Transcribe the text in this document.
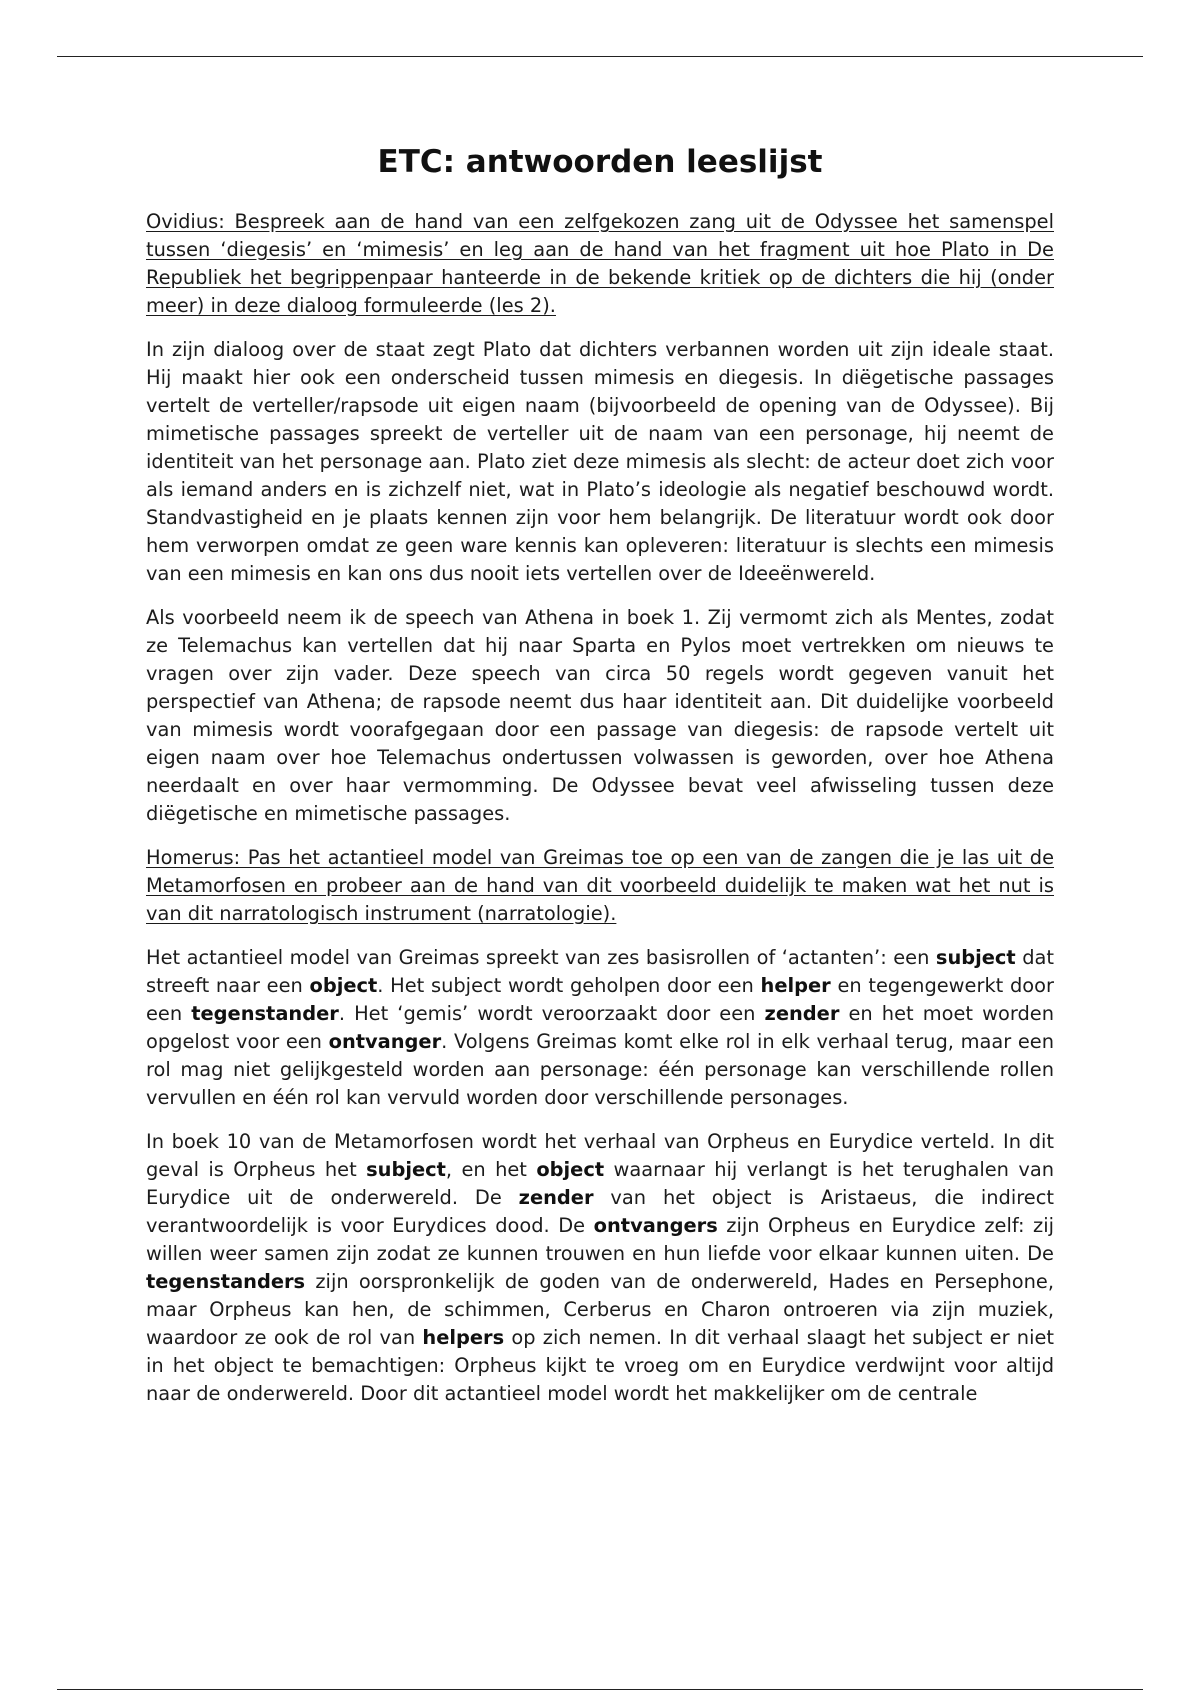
ETC: antwoorden leeslijst

Ovidius: Bespreek aan de hand van een zelfgekozen zang uit de Odyssee het samenspel tussen ‘diegesis’ en ‘mimesis’ en leg aan de hand van het fragment uit hoe Plato in De Republiek het begrippenpaar hanteerde in de bekende kritiek op de dichters die hij (onder meer) in deze dialoog formuleerde (les 2).

In zijn dialoog over de staat zegt Plato dat dichters verbannen worden uit zijn ideale staat. Hij maakt hier ook een onderscheid tussen mimesis en diegesis. In diëgetische passages vertelt de verteller/rapsode uit eigen naam (bijvoorbeeld de opening van de Odyssee). Bij mimetische passages spreekt de verteller uit de naam van een personage, hij neemt de identiteit van het personage aan. Plato ziet deze mimesis als slecht: de acteur doet zich voor als iemand anders en is zichzelf niet, wat in Plato’s ideologie als negatief beschouwd wordt. Standvastigheid en je plaats kennen zijn voor hem belangrijk. De literatuur wordt ook door hem verworpen omdat ze geen ware kennis kan opleveren: literatuur is slechts een mimesis van een mimesis en kan ons dus nooit iets vertellen over de Ideeënwereld.

Als voorbeeld neem ik de speech van Athena in boek 1. Zij vermomt zich als Mentes, zodat ze Telemachus kan vertellen dat hij naar Sparta en Pylos moet vertrekken om nieuws te vragen over zijn vader. Deze speech van circa 50 regels wordt gegeven vanuit het perspectief van Athena; de rapsode neemt dus haar identiteit aan. Dit duidelijke voorbeeld van mimesis wordt voorafgegaan door een passage van diegesis: de rapsode vertelt uit eigen naam over hoe Telemachus ondertussen volwassen is geworden, over hoe Athena neerdaalt en over haar vermomming. De Odyssee bevat veel afwisseling tussen deze diëgetische en mimetische passages.

Homerus: Pas het actantieel model van Greimas toe op een van de zangen die je las uit de Metamorfosen en probeer aan de hand van dit voorbeeld duidelijk te maken wat het nut is van dit narratologisch instrument (narratologie).

Het actantieel model van Greimas spreekt van zes basisrollen of ‘actanten’: een subject dat streeft naar een object. Het subject wordt geholpen door een helper en tegengewerkt door een tegenstander. Het ‘gemis’ wordt veroorzaakt door een zender en het moet worden opgelost voor een ontvanger. Volgens Greimas komt elke rol in elk verhaal terug, maar een rol mag niet gelijkgesteld worden aan personage: één personage kan verschillende rollen vervullen en één rol kan vervuld worden door verschillende personages.

In boek 10 van de Metamorfosen wordt het verhaal van Orpheus en Eurydice verteld. In dit geval is Orpheus het subject, en het object waarnaar hij verlangt is het terughalen van Eurydice uit de onderwereld. De zender van het object is Aristaeus, die indirect verantwoordelijk is voor Eurydices dood. De ontvangers zijn Orpheus en Eurydice zelf: zij willen weer samen zijn zodat ze kunnen trouwen en hun liefde voor elkaar kunnen uiten. De tegenstanders zijn oorspronkelijk de goden van de onderwereld, Hades en Persephone, maar Orpheus kan hen, de schimmen, Cerberus en Charon ontroeren via zijn muziek, waardoor ze ook de rol van helpers op zich nemen. In dit verhaal slaagt het subject er niet in het object te bemachtigen: Orpheus kijkt te vroeg om en Eurydice verdwijnt voor altijd naar de onderwereld. Door dit actantieel model wordt het makkelijker om de centrale
